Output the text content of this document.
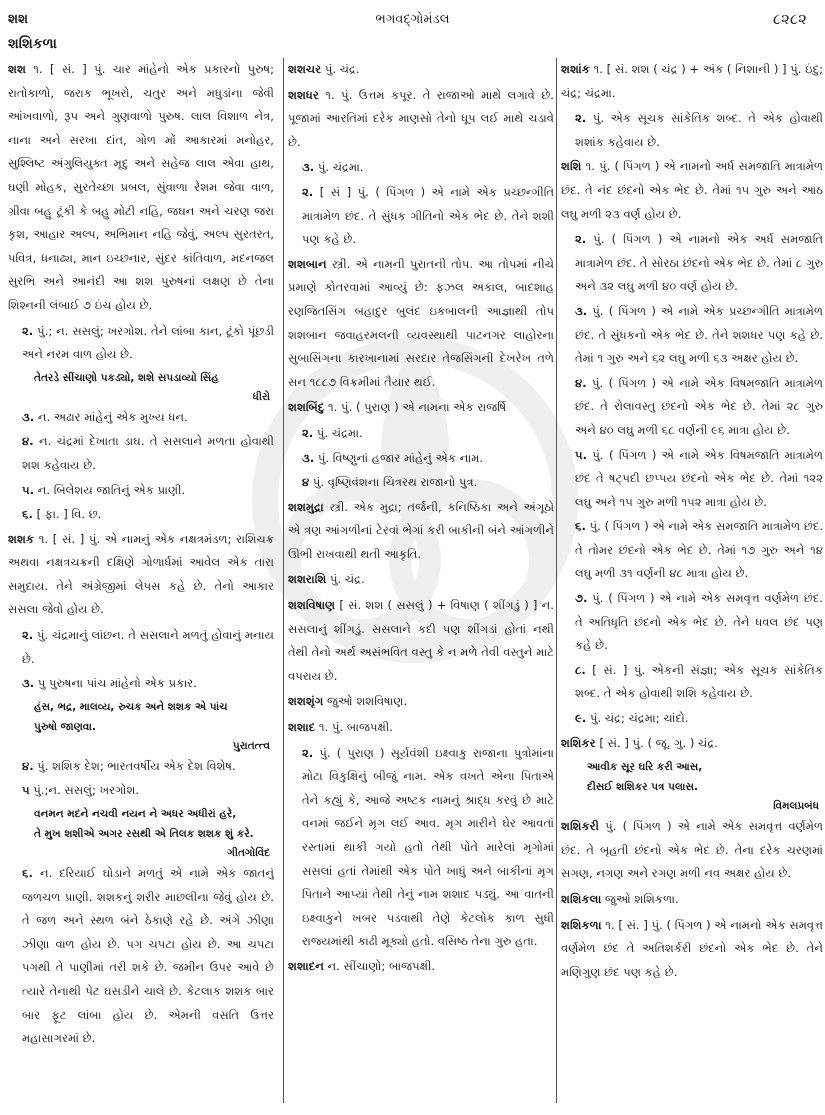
શશ
શશિકળા
ભગવદ્ગોમંડલ	૮૨૮૨
શશ ૧. [ સં. ] પું. ચાર માંહેનો એક પ્રકારનો પુરુષ; રાતોકાળો, જરાક ભૂખરો, ચતુર અને મધુડાંના જેવી આંખવાળો, રૂપ અને ગુણવાળો પુરુષ. લાલ વિશાળ નેત્ર, નાના અને સરખા દાંત, ગોળ મોં આકારમાં મનોહર, સુશ્લિષ્ટ અંગુલિયુક્ત મૃદુ અને સહેજ લાલ એવા હાથ, ઘણી મોહક, સુરતેચ્છા પ્રબલ, સુંવાળા રેશમ જેવા વાળ, ગ્રીવા બહુ ટૂંકી કે બહુ મોટી નહિ, જઘન અને ચરણ જરા કૃશ, આહાર અલ્પ, અભિમાન નહિ જેવું, અલ્પ સુરતરત, પવિત્ર, ધનાઢ્ય, માન ઇચ્છનાર, સુંદર કાંતિવાળ, મદનજલ સુરભિ અને આનંદી આ શશ પુરુષનાં લક્ષણ છે તેના શિશ્નની લંબાઈ ૭ ઇંચ હોય છે.
૨. પું.; ન. સસલું; ખરગોશ. તેને લાંબા કાન, ટૂંકો પૂંછડી અને નરમ વાળ હોય છે.
તેતરડે સીંચાણો પકડ્યો, શશે સપડાવ્યો સિંહ
ધીરો
૩. ન. અઢાર માંહેનું એક મુખ્ય ધન.
૪. ન. ચંદ્રમાં દેખાતા ડાઘ. તે સસલાને મળતા હોવાથી શશ કહેવાય છે.
૫. ન. બિલેશય જાતિનું એક પ્રાણી.
૬. [ ફા. ] વિ. છ.
શશક ૧. [ સં. ] પું. એ નામનું એક નક્ષત્રમંડળ; રાશિચક્ર અથવા નક્ષત્રચક્રની દક્ષિણે ગોળાર્ધમાં આવેલ એક તારા સમુદાય. તેને અંગ્રેજીમાં લેપસ કહે છે. તેનો આકાર સસલા જેવો હોય છે.
૨. પું. ચંદ્રમાનું લાંછન. તે સસલાને મળતું હોવાનું મનાય છે.
૩. પુ પુરુષના પાંચ માંહેનો એક પ્રકાર.
હંસ, ભદ્ર, માલવ્ય, રુચક અને શશક એ પાંચ
પુરુષો જાણવા.
પુરાતત્ત્વ
૪. પું. શશિક દેશ; ભારતવર્ષીય એક દેશ વિશેષ.
૫ પું.;ન. સસલું; ખરગોશ.
વનમન મદને નચવી નયન ને અધર અધીરાં હરે,
તે મુખ શશીએ અગર રસથી એ તિલક શશક શું કરે.
ગીતગોવિંદ
૬. ન. દરિયાઈ ઘોડાને મળતું એ નામે એક જાતનું જળચળ પ્રાણી. શશકનું શરીર માછલીના જેવું હોય છે. તે જળ અને સ્થળ બંને ઠેકાણે રહે છે. અંગે ઝીણા ઝીણા વાળ હોય છે. પગ ચપટા હોય છે. આ ચપટા પગથી તે પાણીમાં તરી શકે છે. જમીન ઉપર આવે છે ત્યારે તેનાથી પેટ ઘસડીને ચાલે છે. કેટલાક શશક બાર બાર ફૂટ લાંબા હોય છે. એમની વસતિ ઉત્તર મહાસાગરમાં છે.
શશચર પું. ચંદ્ર.
શશધર ૧. પું. ઉત્તમ કપૂર. તે રાજાઓ માથે લગાવે છે. પૂજામાં આરતિમાં દરેક માણસો તેનો ધૂપ લઈ માથે ચડાવે છે.
૩. પું. ચંદ્રમા.
૨. [ સં ] પું. ( પિંગળ ) એ નામે એક પ્રચ્છન્ગીતિ માત્રામેળ છંદ. તે સુંધક ગીતિનો એક ભેદ છે. તેને શશી પણ કહે છે.
શશબાન સ્ત્રી. એ નામની પુરાતની તોપ. આ તોપમાં નીચે પ્રમાણે કોતરવામાં આવ્યું છે: ફઝલ અકાલ, બાદશાહ રણજિતસિંગ બહાદુર બુલંદ ઇકબાલની આજ્ઞાથી તોપ શશબાન જવાહરમલની વ્યવસ્થાથી પાટનગર લાહોરના સુબાસિંગના કારખાનામાં સરદાર તેજસિંગની દેખરેખ તળે સન ૧૮૮૭ વિક્રમીમાં તૈયાર થઈ.
શશબિંદુ ૧. પું. ( પુરાણ ) એ નામના એક રાજર્ષિ
૨. પું. ચંદ્રમા.
૩. પું. વિષ્ણુનાં હજાર માંહેનું એક નામ.
૪ પું. વૃષ્ણિવંશના ચિત્રરથ રાજાનો પુત્ર.
શશમુદ્રા સ્ત્રી. એક મુદ્રા; તર્જની, કનિષ્ઠિકા અને અંગૂઠો એ ત્રણ આંગળીનાં ટેરવાં ભેગાં કરી બાકીની બંને આંગળીને ઊભી રાખવાથી થતી આકૃતિ.
શશરાશિ પું. ચંદ્ર.
શશવિષાણ [ સં. શશ ( સસલું ) + વિષાણ ( શીંગડું ) ] ન. સસલાનું શીંગડું. સસલાને કદી પણ શીંગડાં હોતાં નથી તેથી તેનો અર્થ અસંભવિત વસ્તુ કે ન મળે તેવી વસ્તુને માટે વપરાય છે.
શશશૃંગ જુઓ શશવિષાણ.
શશાદ ૧. પું. બાજપક્ષી.
૨. પું. ( પુરાણ ) સૂર્યવંશી ઇક્ષ્વાકુ રાજાના પુત્રોમાંના મોટા વિકુક્ષિનું બીજું નામ. એક વખતે એના પિતાએ તેને કહ્યું કે, આજે અષ્ટક નામનું શ્રાદ્ધ કરવું છે માટે વનમાં જઈને મૃગ લઈ આવ. મૃગ મારીને ઘેર આવતાં રસ્તામાં થાકી ગયો હતો તેથી પોતે મારેલાં મૃગોમાં સસલાં હતાં તેમાંથી એક પોતે ખાધું અને બાકીનાં મૃગ પિતાને આપ્યાં તેથી તેનું નામ શશાદ પડ્યું. આ વાતની ઇક્ષ્વાકુને ખબર પડવાથી તેણે કેટલોક કાળ સુધી રાજ્યમાંથી કાઢી મૂક્યો હતો. વસિષ્ઠ તેના ગુરુ હતા.
શશાદન ન. સીંચાણો; બાજપક્ષી.
શશાંક ૧. [ સં. શશ ( ચંદ્ર ) + અંક ( નિશાની ) ] પું. ઇંદુ; ચંદ્ર; ચંદ્રમા.
૨. પું. એક સૂચક સાંકેતિક શબ્દ. તે એક હોવાથી શશાંક કહેવાય છે.
શશિ ૧. પું. ( પિંગળ ) એ નામનો અર્ધ સમજાતિ માત્રામેળ છંદ. તે નંદ છંદનો એક ભેદ છે. તેમાં ૧૫ ગુરુ અને આઠ લઘુ મળી ૨૩ વર્ણ હોય છે.
૨. પું. ( પિંગળ ) એ નામનો એક અર્ધ સમજાતિ માત્રામેળ છંદ. તે સોરઠા છંદનો એક ભેદ છે. તેમાં ૮ ગુરુ અને ૩૨ લઘુ મળી ૪૦ વર્ણ હોય છે.
૩. પું. ( પિંગળ ) એ નામે એક પ્રચ્છન્ગીતિ માત્રામેળ છંદ. તે સુંધકનો એક ભેદ છે. તેને શશધર પણ કહે છે. તેમાં ૧ ગુરુ અને ૬૨ લઘુ મળી ૬૩ અક્ષર હોય છે.
૪. પું. ( પિંગળ ) એ નામે એક વિષમજાતિ માત્રામેળ છંદ. તે રોલાવસ્તુ છંદનો એક ભેદ છે. તેમાં ૨૮ ગુરુ અને ૪૦ લઘુ મળી ૬૮ વર્ણની ૯૬ માત્રા હોય છે.
૫. પું. ( પિંગળ ) એ નામે એક વિષમજાતિ માત્રામેળ છંદ તે ષટ્પદી છપ્પય છંદનો એક ભેદ છે. તેમાં ૧૨૨ લઘુ અને ૧૫ ગુરુ મળી ૧૫૨ માત્રા હોય છે.
૬. પું. ( પિંગળ ) એ નામે એક સમજાતિ માત્રામેળ છંદ. તે તોમર છંદનો એક ભેદ છે. તેમાં ૧૭ ગુરુ અને ૧૪ લઘુ મળી ૩૧ વર્ણની ૪૮ માત્રા હોય છે.
૭. પું. ( પિંગળ ) એ નામે એક સમવૃત્ત વર્ણમેળ છંદ. તે અતિધૃતિ છંદનો એક ભેદ છે. તેને ધવલ છંદ પણ કહે છે.
૮. [ સં. ] પું. એકની સંજ્ઞા; એક સૂચક સાંકેતિક શબ્દ. તે એક હોવાથી શશિ કહેવાય છે.
૯. પું. ચંદ્ર; ચંદ્રમા; ચાંદો.
શશિકર [ સં. ] પું. ( જૂ. ગુ. ) ચંદ્ર.
આવીક સૂર ઘરિ કરી આસ,
દીસઈ શશિકર પત્ર પલાસ.
વિમલપ્રબંધ
શશિકરી પું. ( પિંગળ ) એ નામે એક સમવૃત્ત વર્ણમેળ છંદ. તે બૃહતી છંદનો એક ભેદ છે. તેના દરેક ચરણમાં સગણ, નગણ અને રગણ મળી નવ અક્ષર હોય છે.
શશિકલા જુઓ શશિકળા.
શશિકળા ૧. [ સં. ] પું. ( પિંગળ ) એ નામનો એક સમવૃત્ત વર્ણમેળ છંદ તે અતિશર્કરી છંદનો એક ભેદ છે. તેને મણિગુણ છંદ પણ કહે છે.
